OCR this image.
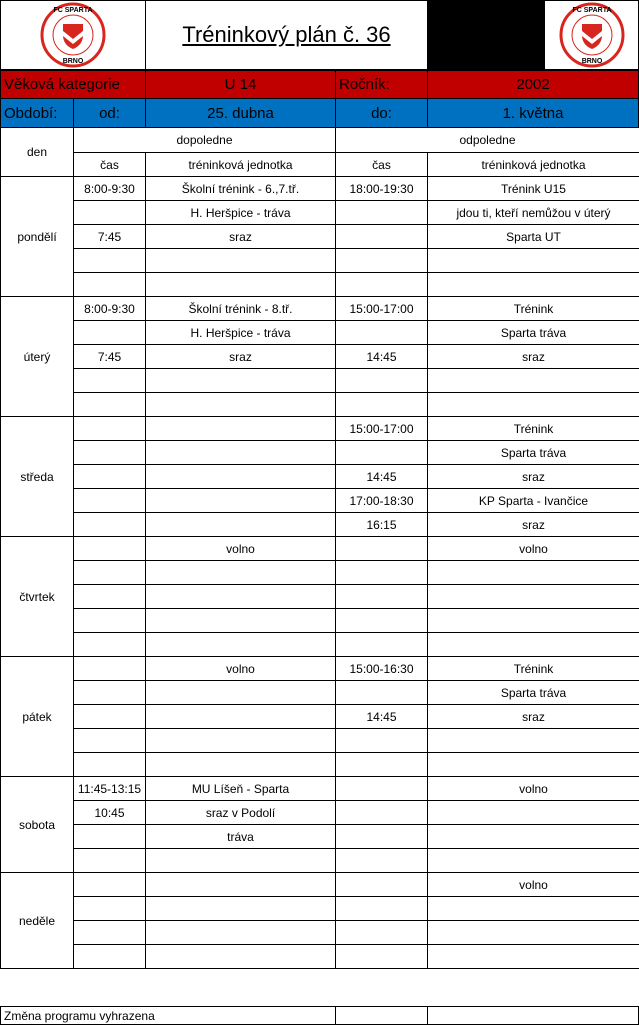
FC SPARTA
BRNO
Tréninkový plán č. 36
FC SPARTA
BRNO
Věková kategorie	U 14	Ročník:	2002
Období:	od:	25. dubna	do:	1. května
den	dopoledne		odpoledne	
	čas	tréninková jednotka	čas	tréninková jednotka
pondělí	8:00-9:30	Školní trénink - 6.,7.tř.	18:00-19:30	Trénink U15
		H. Heršpice - tráva		jdou ti, kteří nemůžou v úterý
	7:45	sraz		Sparta UT

úterý	8:00-9:30	Školní trénink - 8.tř.	15:00-17:00	Trénink
		H. Heršpice - tráva		Sparta tráva
	7:45	sraz	14:45	sraz

středa			15:00-17:00	Trénink
				Sparta tráva
			14:45	sraz
			17:00-18:30	KP Sparta - Ivančice
			16:15	sraz
čtvrtek		volno		volno

pátek		volno	15:00-16:30	Trénink
				Sparta tráva
			14:45	sraz

sobota	11:45-13:15	MU Líšeň - Sparta		volno
	10:45	sraz v Podolí		
		tráva		

neděle				volno

Změna programu vyhrazena
